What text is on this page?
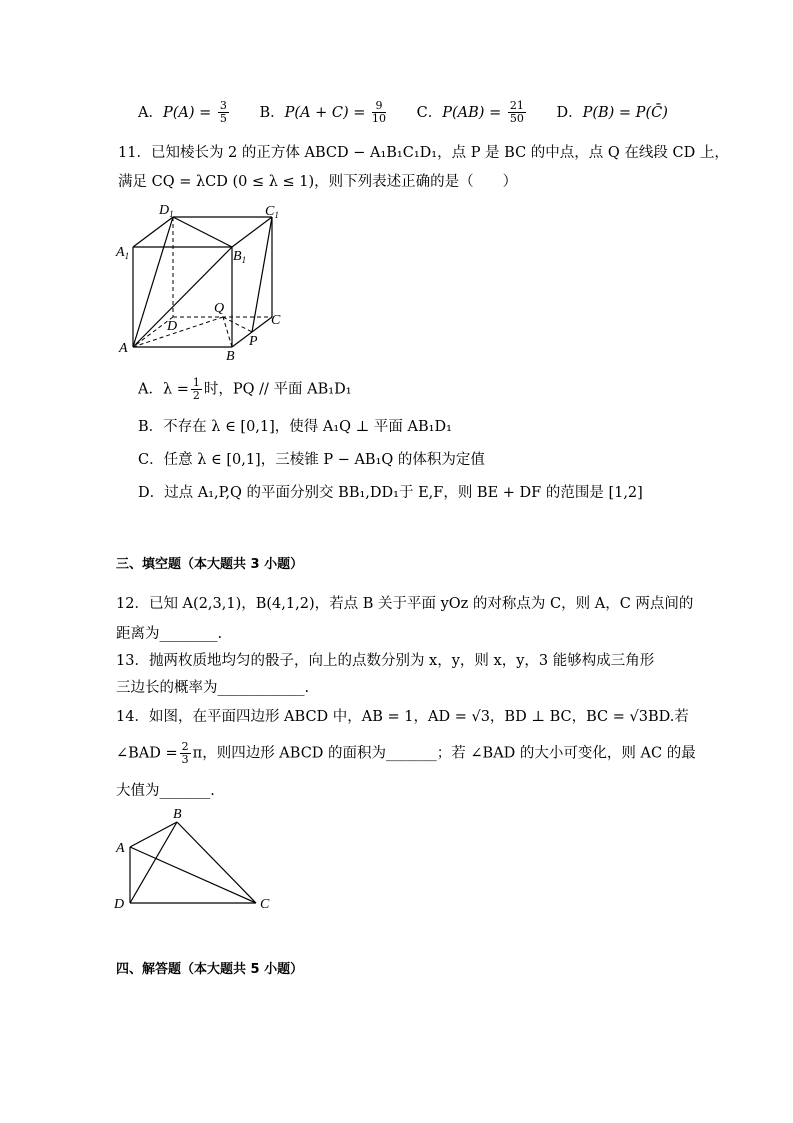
A．$P(A) = \frac{3}{5}$ B．$P(A + C) = \frac{9}{10}$ C．$P(AB) = \frac{21}{50}$ D．P(B) = P(C̄)
11．已知棱长为 2 的正方体 ABCD − A₁B₁C₁D₁，点 P 是 BC 的中点，点 Q 在线段 CD 上，
满足 CQ = λCD (0 ≤ λ ≤ 1)，则下列表述正确的是（　　）
$D_1$	$C_1$
$A_1$	$B_1$
Q
D	C
A	P
B
A．$\lambda = \frac{1}{2}$ 时，PQ // 平面 AB₁D₁
B．不存在 λ ∈ [0,1]，使得 A₁Q ⊥ 平面 AB₁D₁
C．任意 λ ∈ [0,1]，三棱锥 P − AB₁Q 的体积为定值
D．过点 A₁,P,Q 的平面分别交 BB₁,DD₁于 E,F，则 BE + DF 的范围是 [1,2]
三、填空题（本大题共 3 小题）
12．已知 A(2,3,1)，B(4,1,2)，若点 B 关于平面 yOz 的对称点为 C，则 A，C 两点间的
距离为________.
13．抛两枚质地均匀的骰子，向上的点数分别为 x，y，则 x，y，3 能够构成三角形
三边长的概率为____________.
14．如图，在平面四边形 ABCD 中，AB = 1，AD = √3，BD ⊥ BC，BC = √3BD.若
∠BAD = $\frac{2}{3}$ π，则四边形 ABCD 的面积为_______；若 ∠BAD 的大小可变化，则 AC 的最
大值为_______.
B
A
D	C
四、解答题（本大题共 5 小题）
